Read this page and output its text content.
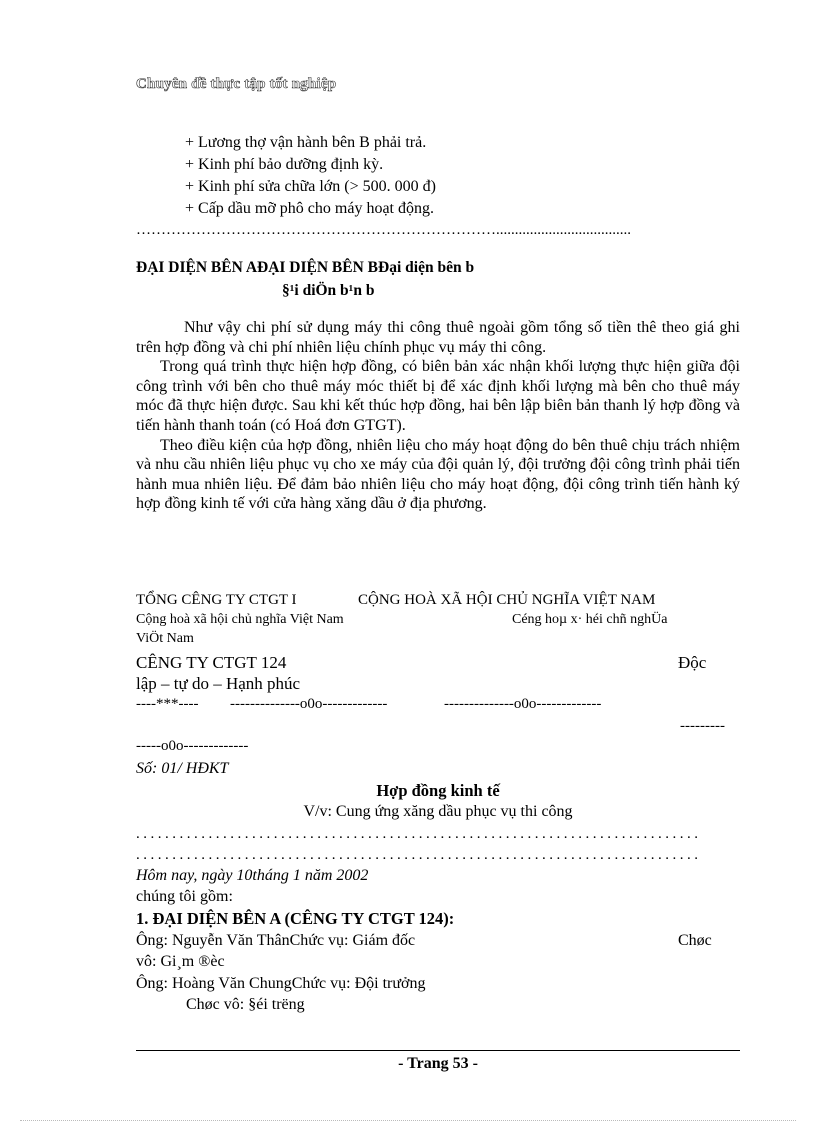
Chuyên đề thực tập tốt nghiệp
+ Lương thợ vận hành bên B phải trả.
+ Kinh phí bảo dưỡng định kỳ.
+ Kinh phí sửa chữa lớn (> 500. 000 đ)
+ Cấp dầu mỡ phô cho máy hoạt động.
………………………………………………………………....................................
ĐẠI DIỆN BÊN AĐẠI DIỆN BÊN BĐại diện bên b
§¹i diÖn b¹n b

Như vậy chi phí sử dụng máy thi công thuê ngoài gồm tổng số tiền thê theo giá ghi trên hợp đồng và chi phí nhiên liệu chính phục vụ máy thi công.

Trong quá trình thực hiện hợp đồng, có biên bản xác nhận khối lượng thực hiện giữa đội công trình với bên cho thuê máy móc thiết bị để xác định khối lượng mà bên cho thuê máy móc đã thực hiện được. Sau khi kết thúc hợp đồng, hai bên lập biên bản thanh lý hợp đồng và tiến hành thanh toán (có Hoá đơn GTGT).

Theo điều kiện của hợp đồng, nhiên liệu cho máy hoạt động do bên thuê chịu trách nhiệm và nhu cầu nhiên liệu phục vụ cho xe máy của đội quản lý, đội trưởng đội công trình phải tiến hành mua nhiên liệu. Để đảm bảo nhiên liệu cho máy hoạt động, đội công trình tiến hành ký hợp đồng kinh tế với cửa hàng xăng dầu ở địa phương.

TỔNG CÊNG TY CTGT I	CỘNG HOÀ XÃ HỘI CHỦ NGHĨA VIỆT NAM
Cộng hoà xã hội chủ nghĩa Việt Nam	Céng hoµ x· héi chñ nghÜa
ViÖt Nam
CÊNG TY CTGT 124	Độc
lập – tự do – Hạnh phúc
----***---- --------------o0o-------------	--------------o0o-------------
---------
-----o0o-------------
Số: 01/ HĐKT
Hợp đồng kinh tế
V/v: Cung ứng xăng dầu phục vụ thi công
..............................................................................
..............................................................................
Hôm nay, ngày 10tháng 1 năm 2002
chúng tôi gồm:
1. ĐẠI DIỆN BÊN A (CÊNG TY CTGT 124):
Ông: Nguyễn Văn ThânChức vụ: Giám đốc	Chøc
vô: Gi¸m ®èc
Ông: Hoàng Văn ChungChức vụ: Đội trưởng
Chøc vô: §éi trëng
- Trang 53 -
